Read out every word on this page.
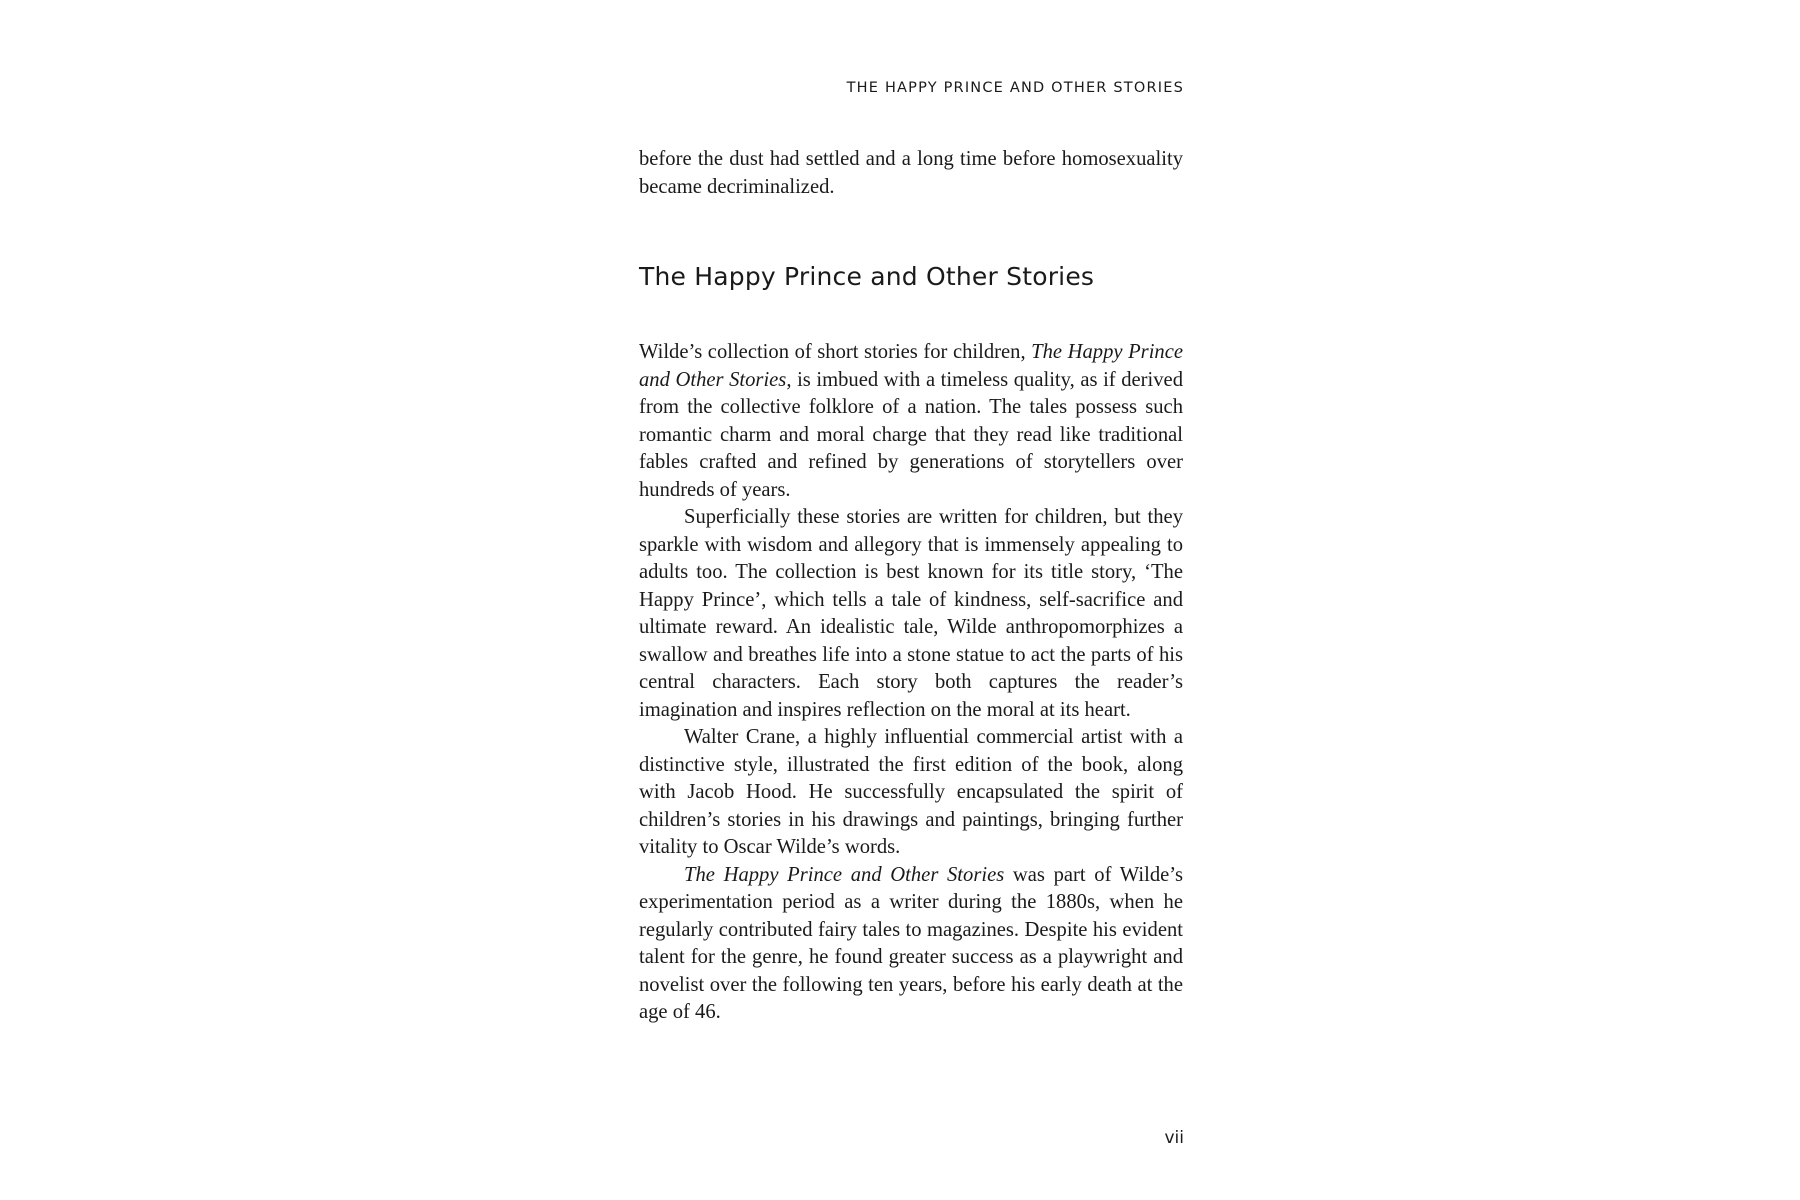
THE HAPPY PRINCE AND OTHER STORIES

before the dust had settled and a long time before homosexuality became decriminalized.

The Happy Prince and Other Stories

Wilde’s collection of short stories for children, The Happy Prince and Other Stories, is imbued with a timeless quality, as if derived from the collective folklore of a nation. The tales possess such romantic charm and moral charge that they read like traditional fables crafted and refined by generations of storytellers over hundreds of years.

Superficially these stories are written for children, but they sparkle with wisdom and allegory that is immensely appealing to adults too. The collection is best known for its title story, ‘The Happy Prince’, which tells a tale of kindness, self-sacrifice and ultimate reward. An idealistic tale, Wilde anthropomorphizes a swallow and breathes life into a stone statue to act the parts of his central characters. Each story both captures the reader’s imagination and inspires reflection on the moral at its heart.

Walter Crane, a highly influential commercial artist with a distinctive style, illustrated the first edition of the book, along with Jacob Hood. He successfully encapsulated the spirit of children’s stories in his drawings and paintings, bringing further vitality to Oscar Wilde’s words.

The Happy Prince and Other Stories was part of Wilde’s experimentation period as a writer during the 1880s, when he regularly contributed fairy tales to magazines. Despite his evident talent for the genre, he found greater success as a playwright and novelist over the following ten years, before his early death at the age of 46.

vii
